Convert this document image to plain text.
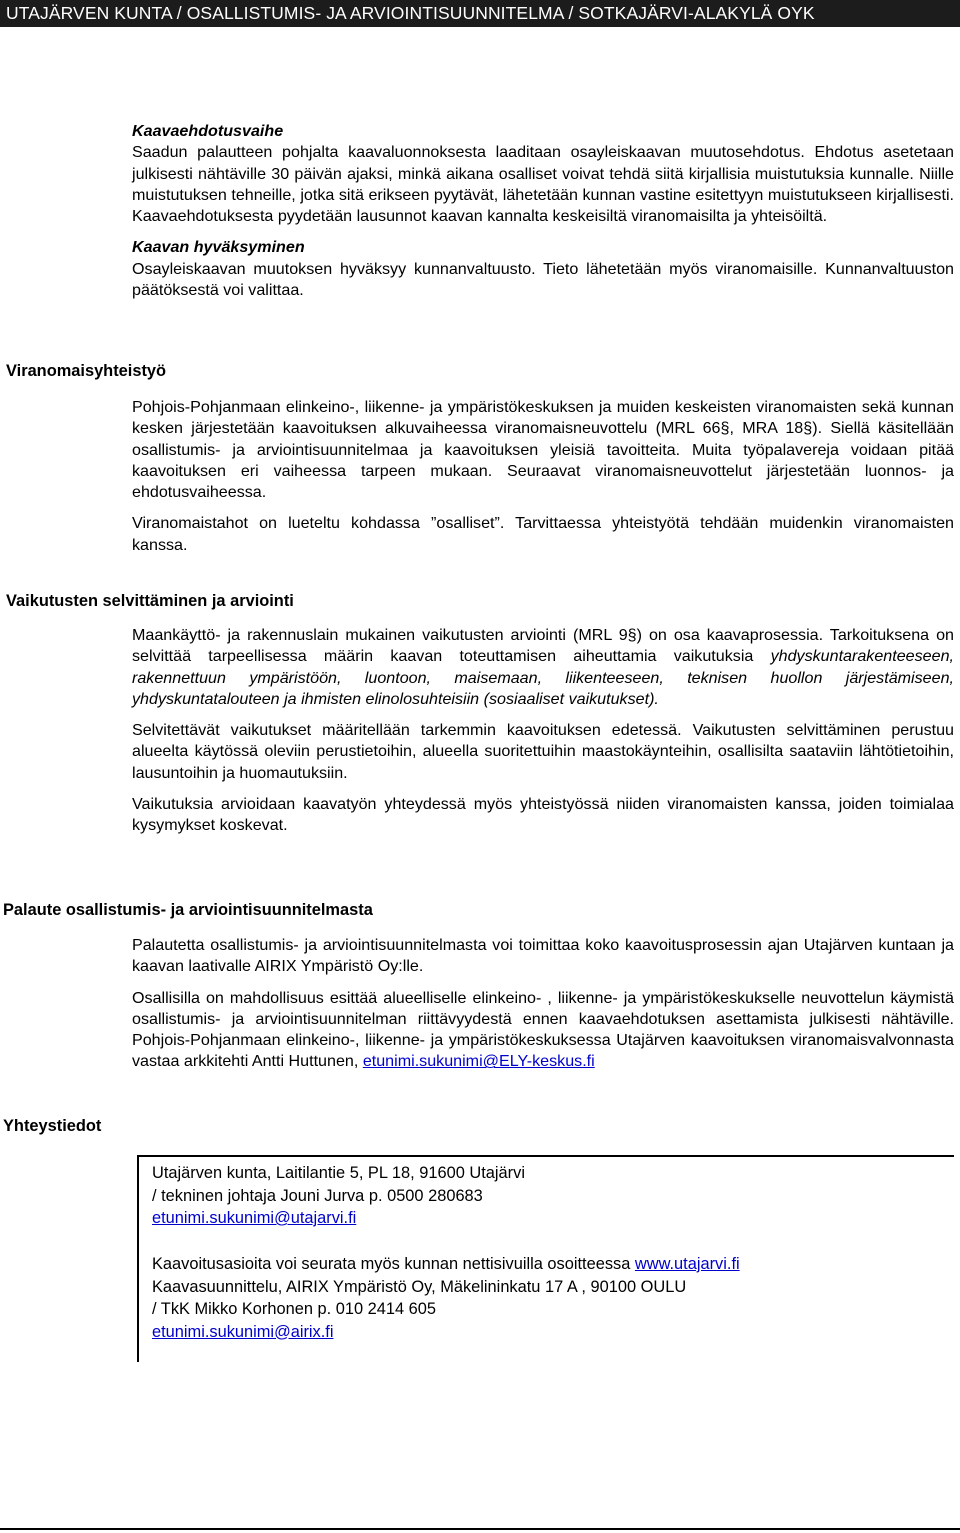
UTAJÄRVEN KUNTA / OSALLISTUMIS- JA ARVIOINTISUUNNITELMA / SOTKAJÄRVI-ALAKYLÄ OYK

Kaavaehdotusvaihe

Saadun palautteen pohjalta kaavaluonnoksesta laaditaan osayleiskaavan muutosehdotus. Ehdotus asetetaan julkisesti nähtäville 30 päivän ajaksi, minkä aikana osalliset voivat tehdä siitä kirjallisia muistutuksia kunnalle. Niille muistutuksen tehneille, jotka sitä erikseen pyytävät, lähetetään kunnan vastine esitettyyn muistutukseen kirjallisesti. Kaavaehdotuksesta pyydetään lausunnot kaavan kannalta keskeisiltä viranomaisilta ja yhteisöiltä.

Kaavan hyväksyminen

Osayleiskaavan muutoksen hyväksyy kunnanvaltuusto. Tieto lähetetään myös viranomaisille. Kunnanvaltuuston päätöksestä voi valittaa.

Viranomaisyhteistyö

Pohjois-Pohjanmaan elinkeino-, liikenne- ja ympäristökeskuksen ja muiden keskeisten viranomaisten sekä kunnan kesken järjestetään kaavoituksen alkuvaiheessa viranomaisneuvottelu (MRL 66§, MRA 18§). Siellä käsitellään osallistumis- ja arviointisuunnitelmaa ja kaavoituksen yleisiä tavoitteita. Muita työpalavereja voidaan pitää kaavoituksen eri vaiheessa tarpeen mukaan. Seuraavat viranomaisneuvottelut järjestetään luonnos- ja ehdotusvaiheessa.

Viranomaistahot on lueteltu kohdassa ”osalliset”. Tarvittaessa yhteistyötä tehdään muidenkin viranomaisten kanssa.

Vaikutusten selvittäminen ja arviointi

Maankäyttö- ja rakennuslain mukainen vaikutusten arviointi (MRL 9§) on osa kaavaprosessia. Tarkoituksena on selvittää tarpeellisessa määrin kaavan toteuttamisen aiheuttamia vaikutuksia yhdyskuntarakenteeseen, rakennettuun ympäristöön, luontoon, maisemaan, liikenteeseen, teknisen huollon järjestämiseen, yhdyskuntatalouteen ja ihmisten elinolosuhteisiin (sosiaaliset vaikutukset).

Selvitettävät vaikutukset määritellään tarkemmin kaavoituksen edetessä. Vaikutusten selvittäminen perustuu alueelta käytössä oleviin perustietoihin, alueella suoritettuihin maastokäynteihin, osallisilta saataviin lähtötietoihin, lausuntoihin ja huomautuksiin.

Vaikutuksia arvioidaan kaavatyön yhteydessä myös yhteistyössä niiden viranomaisten kanssa, joiden toimialaa kysymykset koskevat.

Palaute osallistumis- ja arviointisuunnitelmasta

Palautetta osallistumis- ja arviointisuunnitelmasta voi toimittaa koko kaavoitusprosessin ajan Utajärven kuntaan ja kaavan laativalle AIRIX Ympäristö Oy:lle.

Osallisilla on mahdollisuus esittää alueelliselle elinkeino- , liikenne- ja ympäristökeskukselle neuvottelun käymistä osallistumis- ja arviointisuunnitelman riittävyydestä ennen kaavaehdotuksen asettamista julkisesti nähtäville. Pohjois-Pohjanmaan elinkeino-, liikenne- ja ympäristökeskuksessa Utajärven kaavoituksen viranomaisvalvonnasta vastaa arkkitehti Antti Huttunen, etunimi.sukunimi@ELY-keskus.fi

Yhteystiedot
Utajärven kunta, Laitilantie 5, PL 18, 91600 Utajärvi
/ tekninen johtaja Jouni Jurva p. 0500 280683
etunimi.sukunimi@utajarvi.fi
Kaavoitusasioita voi seurata myös kunnan nettisivuilla osoitteessa www.utajarvi.fi
Kaavasuunnittelu, AIRIX Ympäristö Oy, Mäkelininkatu 17 A , 90100 OULU
/ TkK Mikko Korhonen p. 010 2414 605
etunimi.sukunimi@airix.fi
